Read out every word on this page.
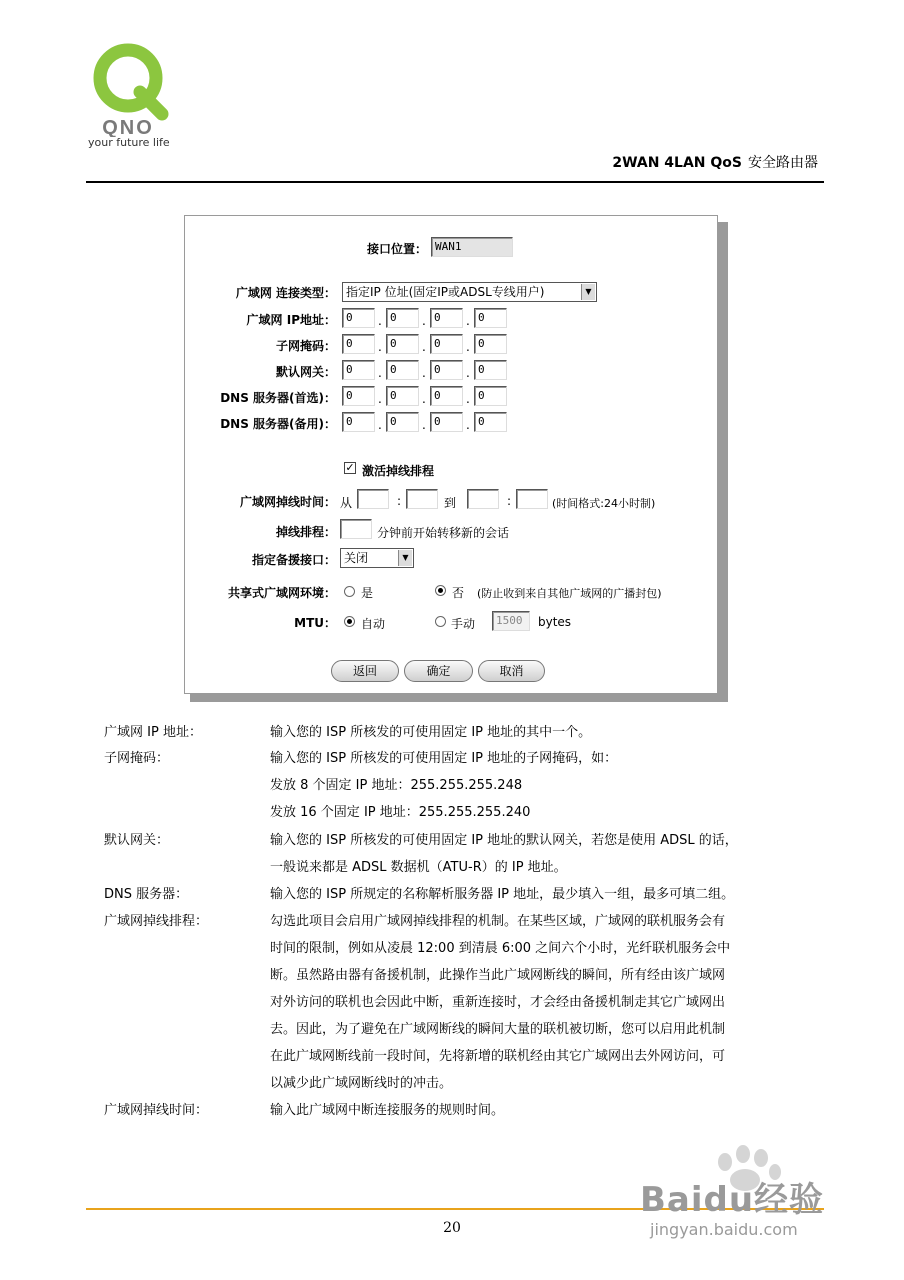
QNO
your future life
2WAN 4LAN QoS 安全路由器
接口位置： WAN1
广域网 连接类型： 指定IP 位址(固定IP或ADSL专线用户)	▼
广域网 IP地址： 0	. 0	. 0	. 0
子网掩码： 0	. 0	. 0	. 0
默认网关： 0	. 0	. 0	. 0
DNS 服务器(首选)： 0	. 0	. 0	. 0
DNS 服务器(备用)： 0	. 0	. 0	. 0
✓ 激活掉线排程
广域网掉线时间： 从	:	到	:	(时间格式:24小时制)
掉线排程：	分钟前开始转移新的会话
指定备援接口： 关闭	▼
共享式广域网环境： 是	否 (防止收到来自其他广域网的广播封包)
MTU： 自动	手动	1500	bytes
返回	确定	取消
广域网 IP 地址：	输入您的 ISP 所核发的可使用固定 IP 地址的其中一个。
子网掩码：	输入您的 ISP 所核发的可使用固定 IP 地址的子网掩码，如：
发放 8 个固定 IP 地址：255.255.255.248
发放 16 个固定 IP 地址：255.255.255.240
默认网关：	输入您的 ISP 所核发的可使用固定 IP 地址的默认网关，若您是使用 ADSL 的话，
一般说来都是 ADSL 数据机（ATU-R）的 IP 地址。
DNS 服务器：	输入您的 ISP 所规定的名称解析服务器 IP 地址，最少填入一组，最多可填二组。
广域网掉线排程：	勾选此项目会启用广域网掉线排程的机制。在某些区域，广域网的联机服务会有
时间的限制，例如从凌晨 12:00 到清晨 6:00 之间六个小时，光纤联机服务会中
断。虽然路由器有备援机制，此操作当此广域网断线的瞬间，所有经由该广域网
对外访问的联机也会因此中断，重新连接时，才会经由备援机制走其它广域网出
去。因此，为了避免在广域网断线的瞬间大量的联机被切断，您可以启用此机制
在此广域网断线前一段时间，先将新增的联机经由其它广域网出去外网访问，可
以减少此广域网断线时的冲击。
广域网掉线时间：	输入此广域网中断连接服务的规则时间。
20
Baidu经验
jingyan.baidu.com
